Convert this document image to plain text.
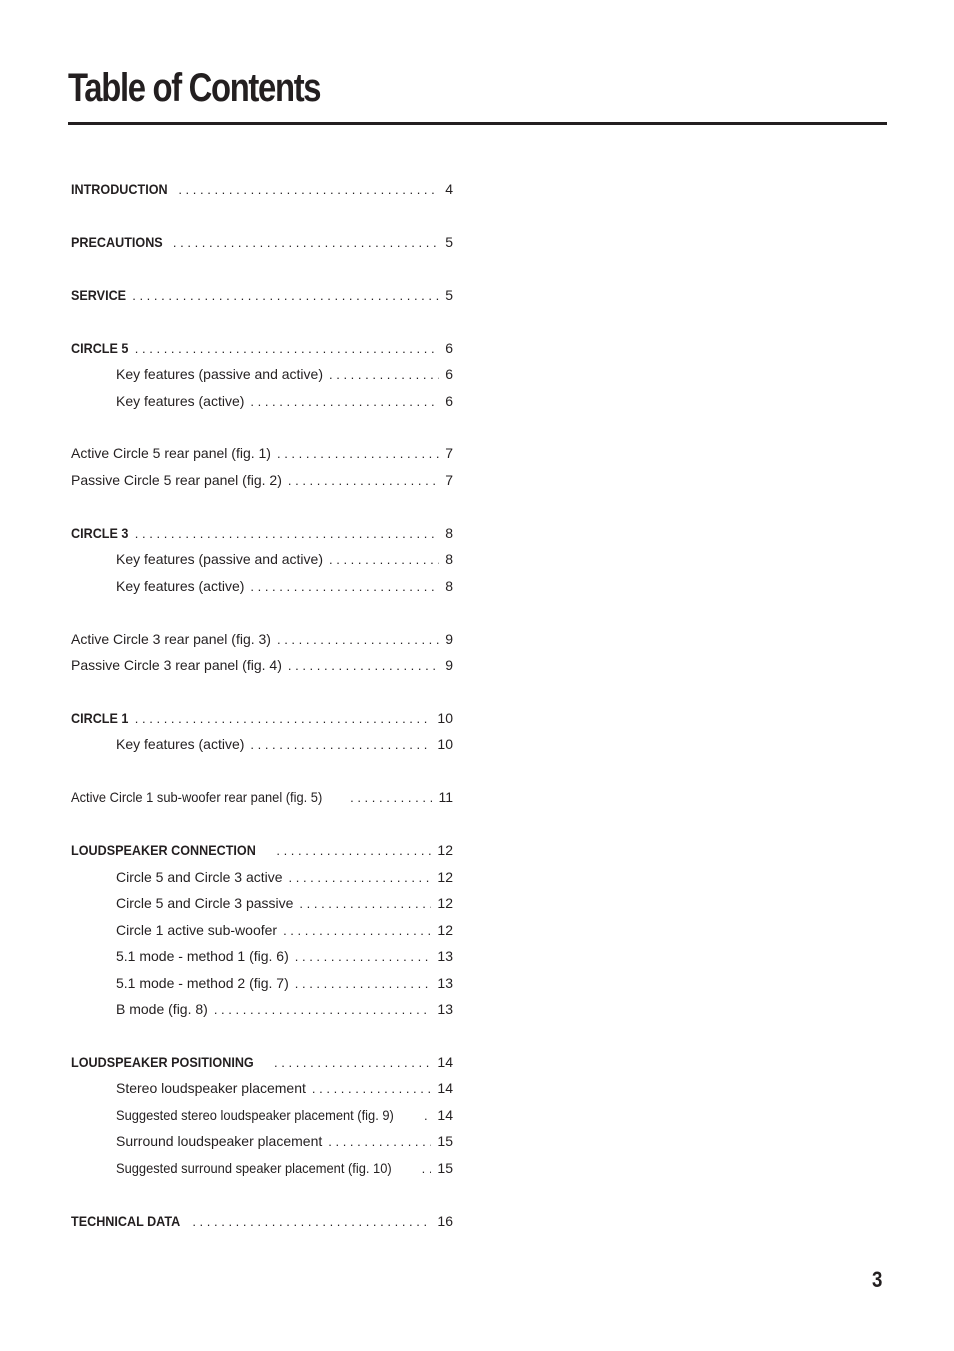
Table of Contents
INTRODUCTION . . .	4
PRECAUTIONS . . .	5
SERVICE . . .	5
CIRCLE 5 . . .	6
Key features (passive and active) . . .	6
Key features (active) . . .	6
Active Circle 5 rear panel (fig. 1) . . .	7
Passive Circle 5 rear panel (fig. 2) . . .	7
CIRCLE 3 . . .	8
Key features (passive and active) . . .	8
Key features (active) . . .	8
Active Circle 3 rear panel (fig. 3) . . .	9
Passive Circle 3 rear panel (fig. 4) . . .	9
CIRCLE 1 . . .	10
Key features (active) . . .	10
Active Circle 1 sub-woofer rear panel (fig. 5) . . .	11
LOUDSPEAKER CONNECTION . . .	12
Circle 5 and Circle 3 active . . .	12
Circle 5 and Circle 3 passive . . .	12
Circle 1 active sub-woofer . . .	12
5.1 mode - method 1 (fig. 6) . . .	13
5.1 mode - method 2 (fig. 7) . . .	13
B mode (fig. 8) . . .	13
LOUDSPEAKER POSITIONING . . .	14
Stereo loudspeaker placement . . .	14
Suggested stereo loudspeaker placement (fig. 9) . . .	14
Surround loudspeaker placement . . .	15
Suggested surround speaker placement (fig. 10) . . .	15
TECHNICAL DATA . . .	16
3
